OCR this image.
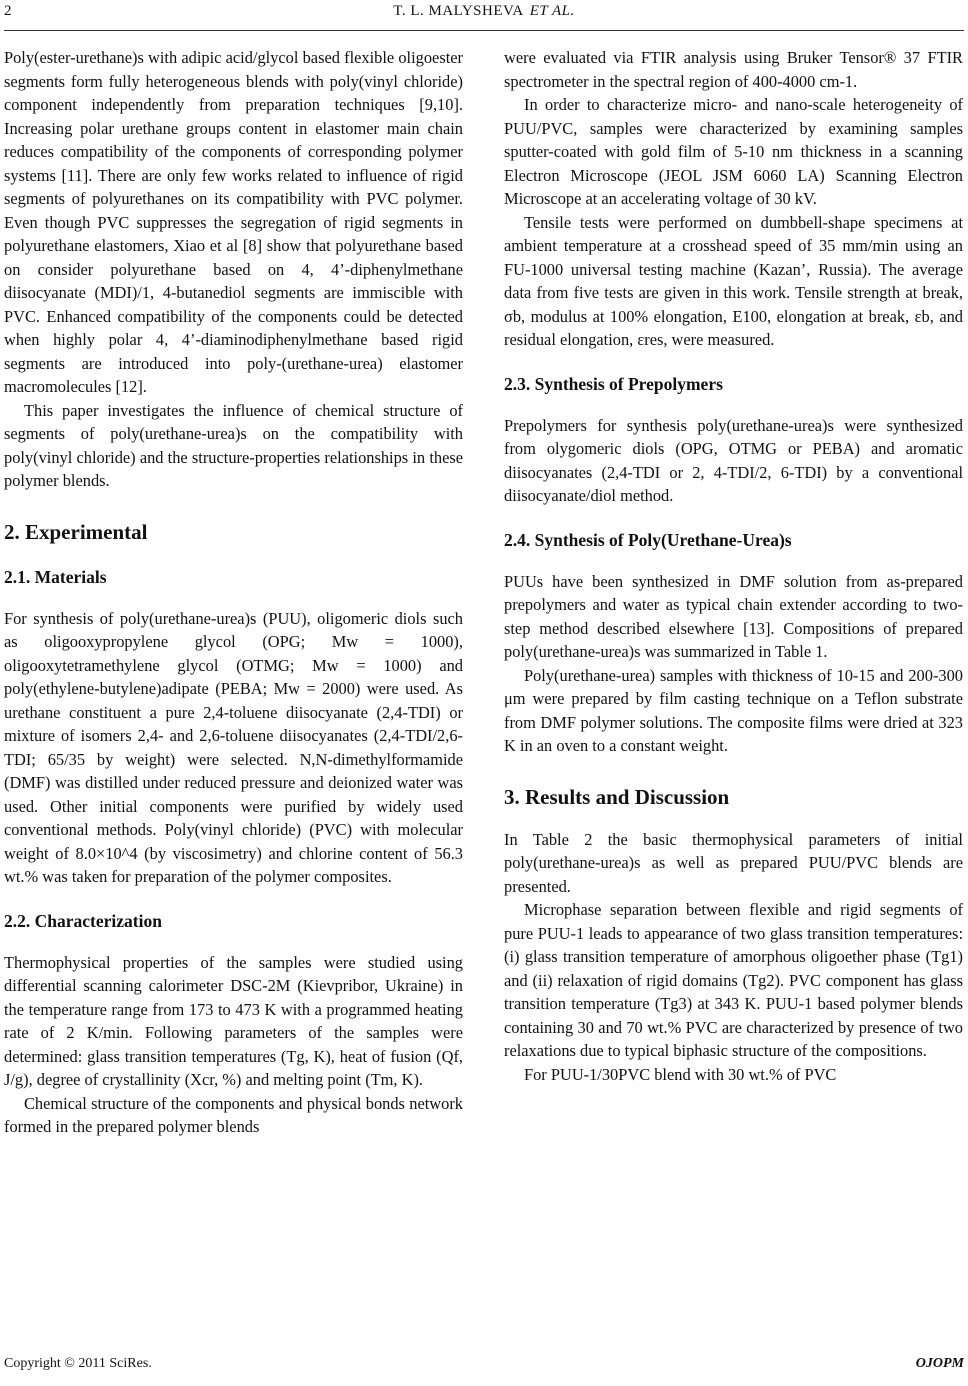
2	T. L. MALYSHEVA ET AL.

Poly(ester-urethane)s with adipic acid/glycol based flexible oligoester segments form fully heterogeneous blends with poly(vinyl chloride) component independently from preparation techniques [9,10]. Increasing polar urethane groups content in elastomer main chain reduces compatibility of the components of corresponding polymer systems [11]. There are only few works related to influence of rigid segments of polyurethanes on its compatibility with PVC polymer. Even though PVC suppresses the segregation of rigid segments in polyurethane elastomers, Xiao et al [8] show that polyurethane based on consider polyurethane based on 4, 4’-diphenylmethane diisocyanate (MDI)/1, 4-butanediol segments are immiscible with PVC. Enhanced compatibility of the components could be detected when highly polar 4, 4’-diaminodiphenylmethane based rigid segments are introduced into poly-(urethane-urea) elastomer macromolecules [12].

This paper investigates the influence of chemical structure of segments of poly(urethane-urea)s on the compatibility with poly(vinyl chloride) and the structure-properties relationships in these polymer blends.

2. Experimental
2.1. Materials

For synthesis of poly(urethane-urea)s (PUU), oligomeric diols such as oligooxypropylene glycol (OPG; Mw = 1000), oligooxytetramethylene glycol (OTMG; Mw = 1000) and poly(ethylene-butylene)adipate (PEBA; Mw = 2000) were used. As urethane constituent a pure 2,4-toluene diisocyanate (2,4-TDI) or mixture of isomers 2,4- and 2,6-toluene diisocyanates (2,4-TDI/2,6-TDI; 65/35 by weight) were selected. N,N-dimethylformamide (DMF) was distilled under reduced pressure and deionized water was used. Other initial components were purified by widely used conventional methods. Poly(vinyl chloride) (PVC) with molecular weight of 8.0×10^4 (by viscosimetry) and chlorine content of 56.3 wt.% was taken for preparation of the polymer composites.

2.2. Characterization

Thermophysical properties of the samples were studied using differential scanning calorimeter DSC-2M (Kievpribor, Ukraine) in the temperature range from 173 to 473 K with a programmed heating rate of 2 K/min. Following parameters of the samples were determined: glass transition temperatures (Tg, K), heat of fusion (Qf, J/g), degree of crystallinity (Xcr, %) and melting point (Tm, K).

Chemical structure of the components and physical bonds network formed in the prepared polymer blends

were evaluated via FTIR analysis using Bruker Tensor® 37 FTIR spectrometer in the spectral region of 400-4000 cm-1.

In order to characterize micro- and nano-scale heterogeneity of PUU/PVC, samples were characterized by examining samples sputter-coated with gold film of 5-10 nm thickness in a scanning Electron Microscope (JEOL JSM 6060 LA) Scanning Electron Microscope at an accelerating voltage of 30 kV.

Tensile tests were performed on dumbbell-shape specimens at ambient temperature at a crosshead speed of 35 mm/min using an FU-1000 universal testing machine (Kazan’, Russia). The average data from five tests are given in this work. Tensile strength at break, σb, modulus at 100% elongation, E100, elongation at break, εb, and residual elongation, εres, were measured.

2.3. Synthesis of Prepolymers

Prepolymers for synthesis poly(urethane-urea)s were synthesized from olygomeric diols (OPG, OTMG or PEBA) and aromatic diisocyanates (2,4-TDI or 2, 4-TDI/2, 6-TDI) by a conventional diisocyanate/diol method.

2.4. Synthesis of Poly(Urethane-Urea)s

PUUs have been synthesized in DMF solution from as-prepared prepolymers and water as typical chain extender according to two-step method described elsewhere [13]. Compositions of prepared poly(urethane-urea)s was summarized in Table 1.

Poly(urethane-urea) samples with thickness of 10-15 and 200-300 μm were prepared by film casting technique on a Teflon substrate from DMF polymer solutions. The composite films were dried at 323 K in an oven to a constant weight.

3. Results and Discussion

In Table 2 the basic thermophysical parameters of initial poly(urethane-urea)s as well as prepared PUU/PVC blends are presented.

Microphase separation between flexible and rigid segments of pure PUU-1 leads to appearance of two glass transition temperatures: (i) glass transition temperature of amorphous oligoether phase (Tg1) and (ii) relaxation of rigid domains (Tg2). PVC component has glass transition temperature (Tg3) at 343 K. PUU-1 based polymer blends containing 30 and 70 wt.% PVC are characterized by presence of two relaxations due to typical biphasic structure of the compositions.

For PUU-1/30PVC blend with 30 wt.% of PVC

Copyright © 2011 SciRes.	OJOPM
